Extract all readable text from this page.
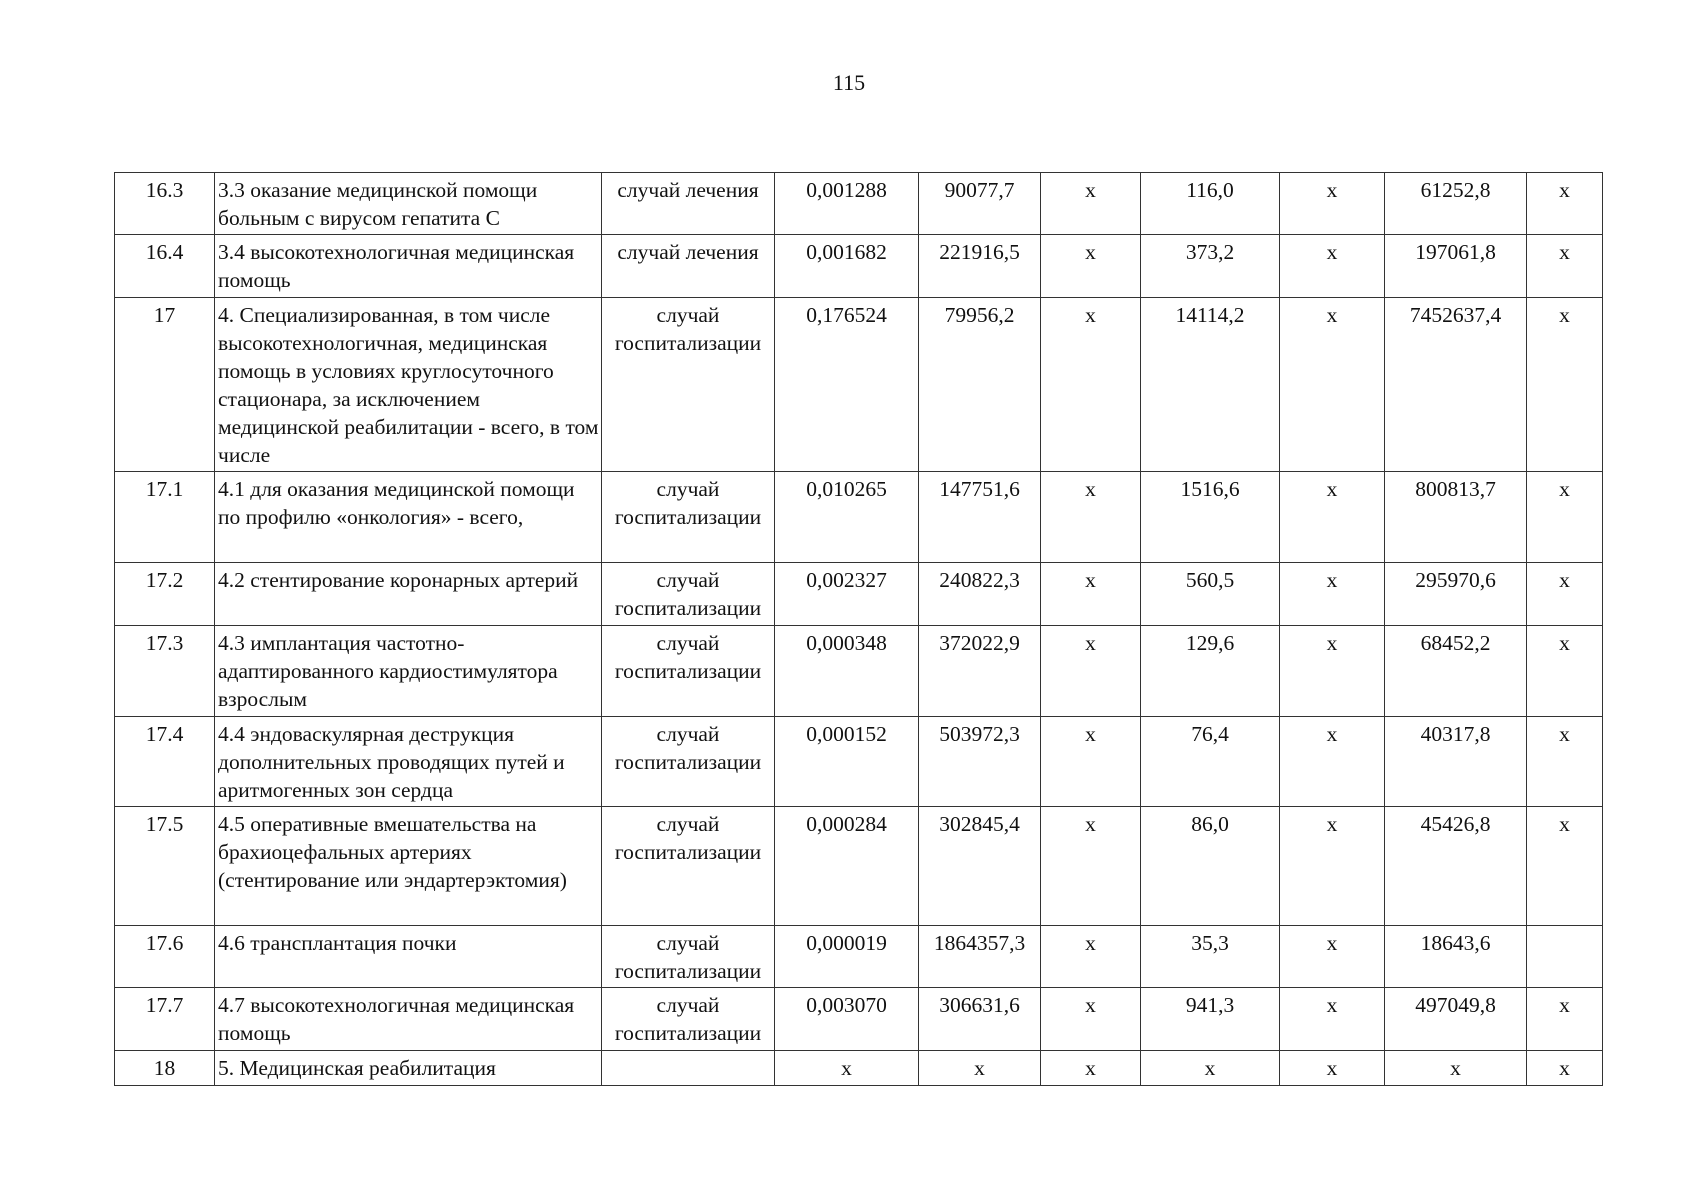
115
16.3	3.3 оказание медицинской помощи больным с вирусом гепатита С	случай лечения	0,001288	90077,7	х	116,0	х	61252,8	х
16.4	3.4 высокотехнологичная медицинская помощь	случай лечения	0,001682	221916,5	х	373,2	х	197061,8	х
17	4. Специализированная, в том числе высокотехнологичная, медицинская помощь в условиях круглосуточного стационара, за исключением медицинской реабилитации - всего, в том числе	случай госпитализации	0,176524	79956,2	х	14114,2	х	7452637,4	х
17.1	4.1 для оказания медицинской помощи по профилю «онкология» - всего,	случай госпитализации	0,010265	147751,6	х	1516,6	х	800813,7	х
17.2	4.2 стентирование коронарных артерий	случай госпитализации	0,002327	240822,3	х	560,5	х	295970,6	х
17.3	4.3 имплантация частотно-адаптированного кардиостимулятора взрослым	случай госпитализации	0,000348	372022,9	х	129,6	х	68452,2	х
17.4	4.4 эндоваскулярная деструкция дополнительных проводящих путей и аритмогенных зон сердца	случай госпитализации	0,000152	503972,3	х	76,4	х	40317,8	х
17.5	4.5 оперативные вмешательства на брахиоцефальных артериях (стентирование или эндартерэктомия)	случай госпитализации	0,000284	302845,4	х	86,0	х	45426,8	х
17.6	4.6 трансплантация почки	случай госпитализации	0,000019	1864357,3	х	35,3	х	18643,6	
17.7	4.7 высокотехнологичная медицинская помощь	случай госпитализации	0,003070	306631,6	х	941,3	х	497049,8	х
18	5. Медицинская реабилитация		х	х	х	х	х	х	х
